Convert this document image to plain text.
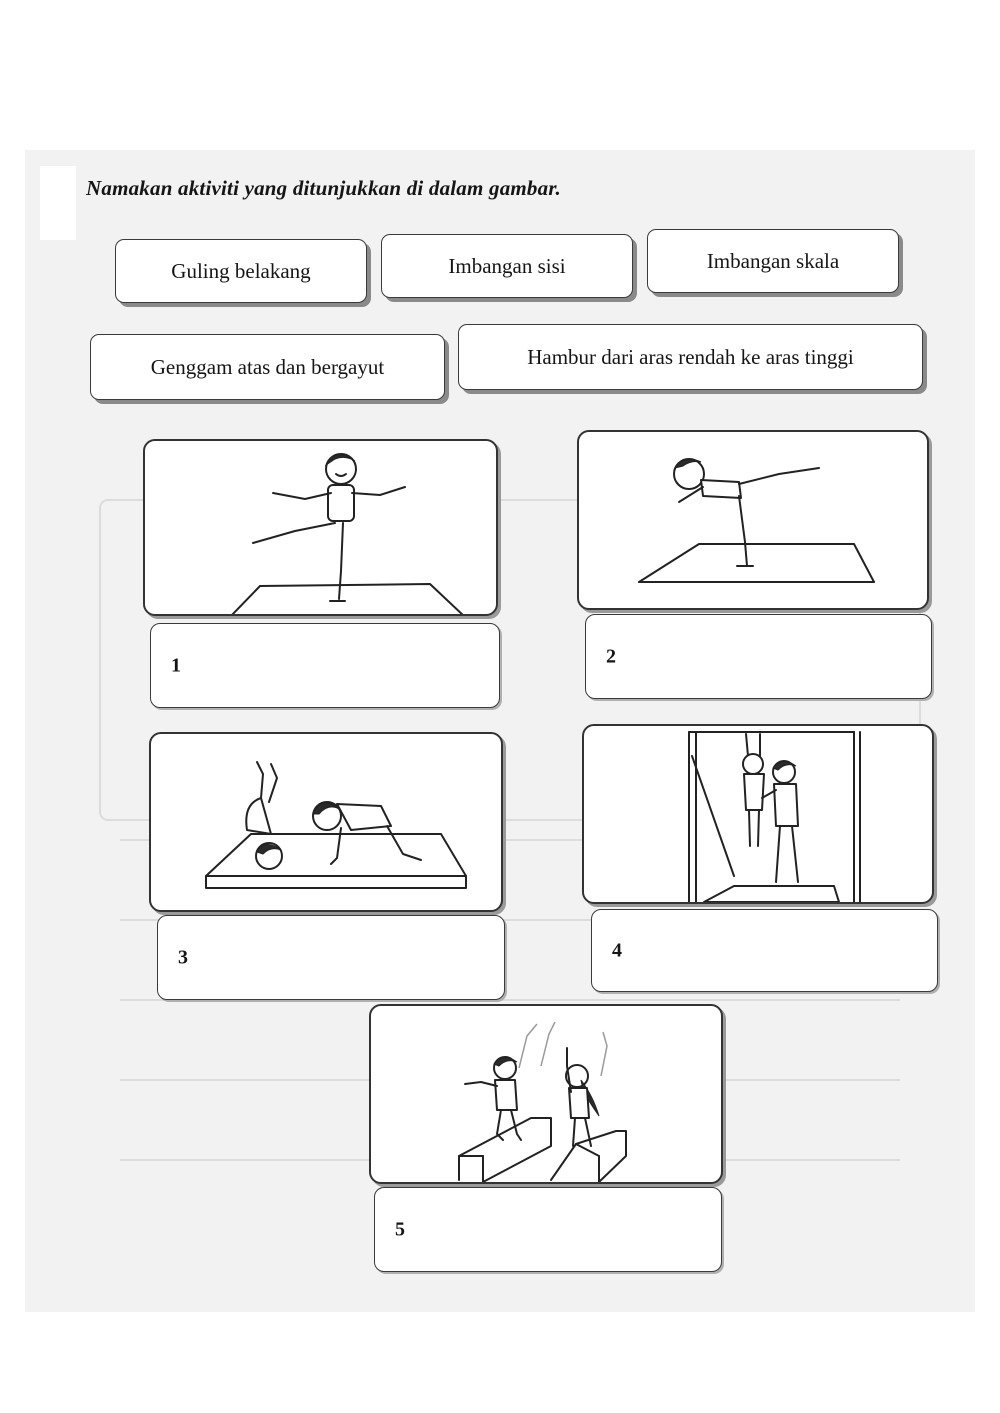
Namakan aktiviti yang ditunjukkan di dalam gambar.
Guling belakang	Imbangan sisi	Imbangan skala
Genggam atas dan bergayut	Hambur dari aras rendah ke aras tinggi
1	2
3	4
5
